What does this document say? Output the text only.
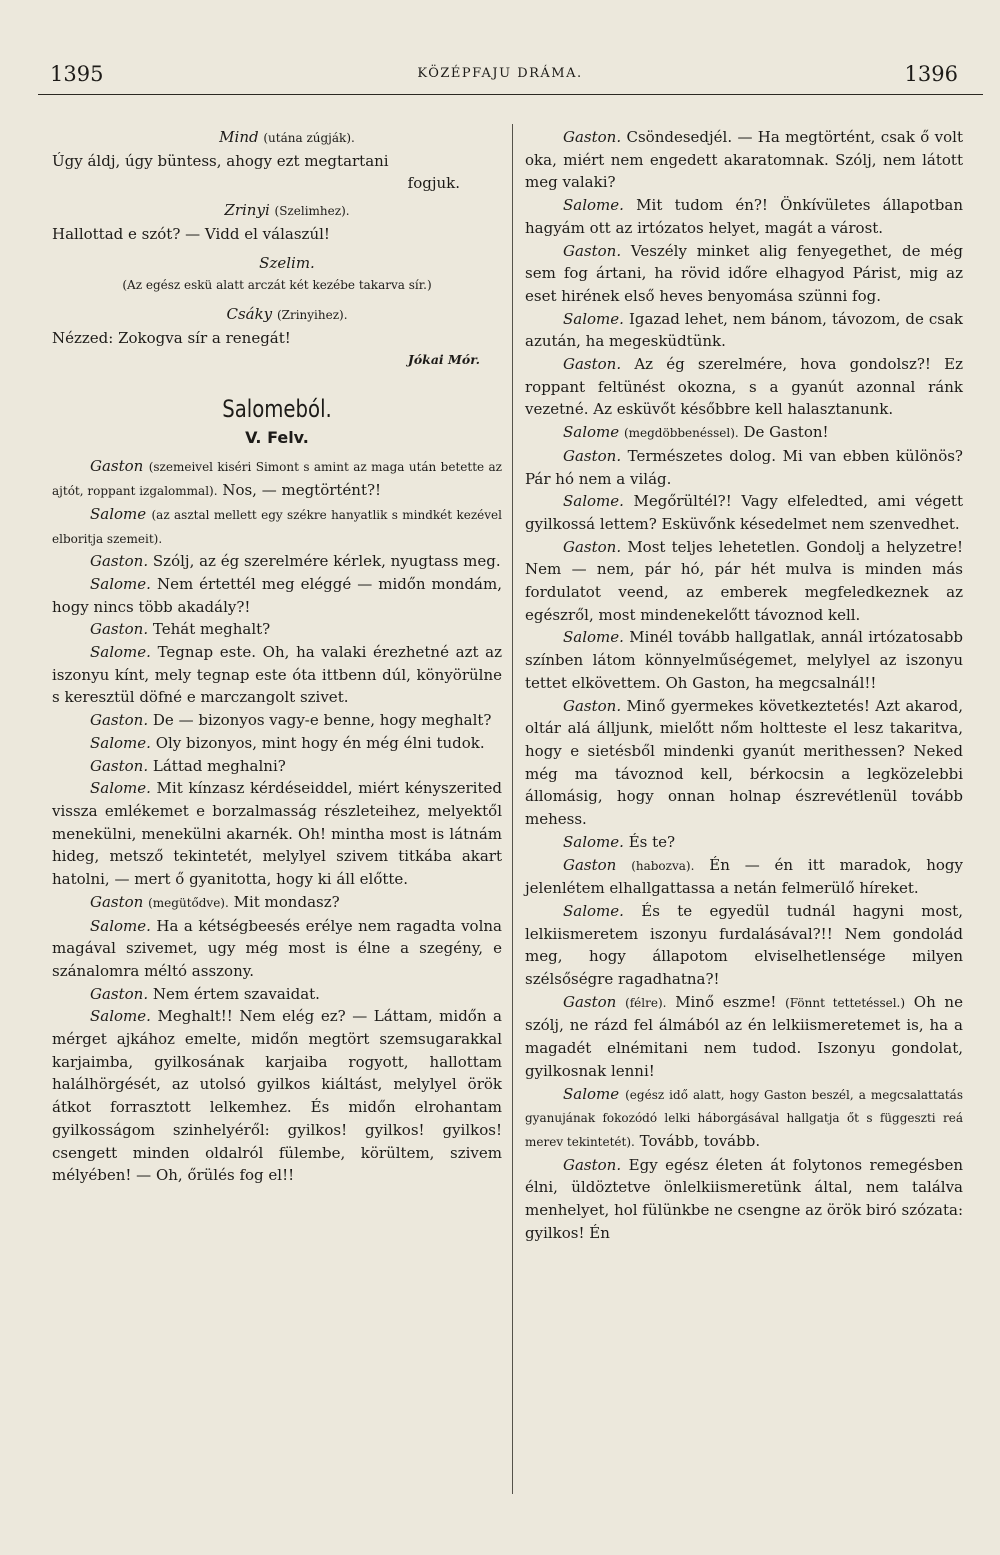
1395	KÖZÉPFAJU DRÁMA.	1396

Mind (utána zúgják).

Úgy áldj, úgy büntess, ahogy ezt megtartani

fogjuk.

Zrinyi (Szelimhez).

Hallottad e szót? — Vidd el válaszúl!

Szelim.

(Az egész eskü alatt arczát két kezébe takarva sír.)

Csáky (Zrinyihez).

Nézzed: Zokogva sír a renegát!

Jókai Mór.

Salomeból.
V. Felv.

Gaston (szemeivel kiséri Simont s amint az maga után betette az ajtót, roppant izgalommal). Nos, — megtörtént?!

Salome (az asztal mellett egy székre hanyatlik s mindkét kezével elboritja szemeit).

Gaston. Szólj, az ég szerelmére kérlek, nyugtass meg.

Salome. Nem értettél meg eléggé — midőn mondám, hogy nincs több akadály?!

Gaston. Tehát meghalt?

Salome. Tegnap este. Oh, ha valaki érezhetné azt az iszonyu kínt, mely tegnap este óta ittbenn dúl, könyörülne s keresztül döfné e marczangolt szivet.

Gaston. De — bizonyos vagy-e benne, hogy meghalt?

Salome. Oly bizonyos, mint hogy én még élni tudok.

Gaston. Láttad meghalni?

Salome. Mit kínzasz kérdéseiddel, miért kényszerited vissza emlékemet e borzalmasság részleteihez, melyektől menekülni, menekülni akarnék. Oh! mintha most is látnám hideg, metsző tekintetét, melylyel szivem titkába akart hatolni, — mert ő gyanitotta, hogy ki áll előtte.

Gaston (megütődve). Mit mondasz?

Salome. Ha a kétségbeesés erélye nem ragadta volna magával szivemet, ugy még most is élne a szegény, e szánalomra méltó asszony.

Gaston. Nem értem szavaidat.

Salome. Meghalt!! Nem elég ez? — Láttam, midőn a mérget ajkához emelte, midőn megtört szemsugarakkal karjaimba, gyilkosának karjaiba rogyott, hallottam halálhörgését, az utolsó gyilkos kiáltást, melylyel örök átkot forrasztott lelkemhez. És midőn elrohantam gyilkosságom szinhelyéről: gyilkos! gyilkos! gyilkos! csengett minden oldalról fülembe, körültem, szivem mélyében! — Oh, őrülés fog el!!

Gaston. Csöndesedjél. — Ha megtörtént, csak ő volt oka, miért nem engedett akaratomnak. Szólj, nem látott meg valaki?

Salome. Mit tudom én?! Önkívületes állapotban hagyám ott az irtózatos helyet, magát a várost.

Gaston. Veszély minket alig fenyegethet, de még sem fog ártani, ha rövid időre elhagyod Párist, mig az eset hirének első heves benyomása szünni fog.

Salome. Igazad lehet, nem bánom, távozom, de csak azután, ha megesküdtünk.

Gaston. Az ég szerelmére, hova gondolsz?! Ez roppant feltünést okozna, s a gyanút azonnal ránk vezetné. Az esküvőt későbbre kell halasztanunk.

Salome (megdöbbenéssel). De Gaston!

Gaston. Természetes dolog. Mi van ebben különös? Pár hó nem a világ.

Salome. Megőrültél?! Vagy elfeledted, ami végett gyilkossá lettem? Esküvőnk késedelmet nem szenvedhet.

Gaston. Most teljes lehetetlen. Gondolj a helyzetre! Nem — nem, pár hó, pár hét mulva is minden más fordulatot veend, az emberek megfeledkeznek az egészről, most mindenekelőtt távoznod kell.

Salome. Minél tovább hallgatlak, annál irtózatosabb színben látom könnyelműségemet, melylyel az iszonyu tettet elkövettem. Oh Gaston, ha megcsalnál!!

Gaston. Minő gyermekes következtetés! Azt akarod, oltár alá álljunk, mielőtt nőm holtteste el lesz takaritva, hogy e sietésből mindenki gyanút merithessen? Neked még ma távoznod kell, bérkocsin a legközelebbi állomásig, hogy onnan holnap észrevétlenül tovább mehess.

Salome. És te?

Gaston (habozva). Én — én itt maradok, hogy jelenlétem elhallgattassa a netán felmerülő híreket.

Salome. És te egyedül tudnál hagyni most, lelkiismeretem iszonyu furdalásával?!! Nem gondolád meg, hogy állapotom elviselhetlensége milyen szélsőségre ragadhatna?!

Gaston (félre). Minő eszme! (Fönnt tettetéssel.) Oh ne szólj, ne rázd fel álmából az én lelkiismeretemet is, ha a magadét elnémitani nem tudod. Iszonyu gondolat, gyilkosnak lenni!

Salome (egész idő alatt, hogy Gaston beszél, a megcsalattatás gyanujának fokozódó lelki háborgásával hallgatja őt s függeszti reá merev tekintetét). Tovább, tovább.

Gaston. Egy egész életen át folytonos remegésben élni, üldöztetve önlelkiismeretünk által, nem találva menhelyet, hol fülünkbe ne csengne az örök biró szózata: gyilkos! Én
